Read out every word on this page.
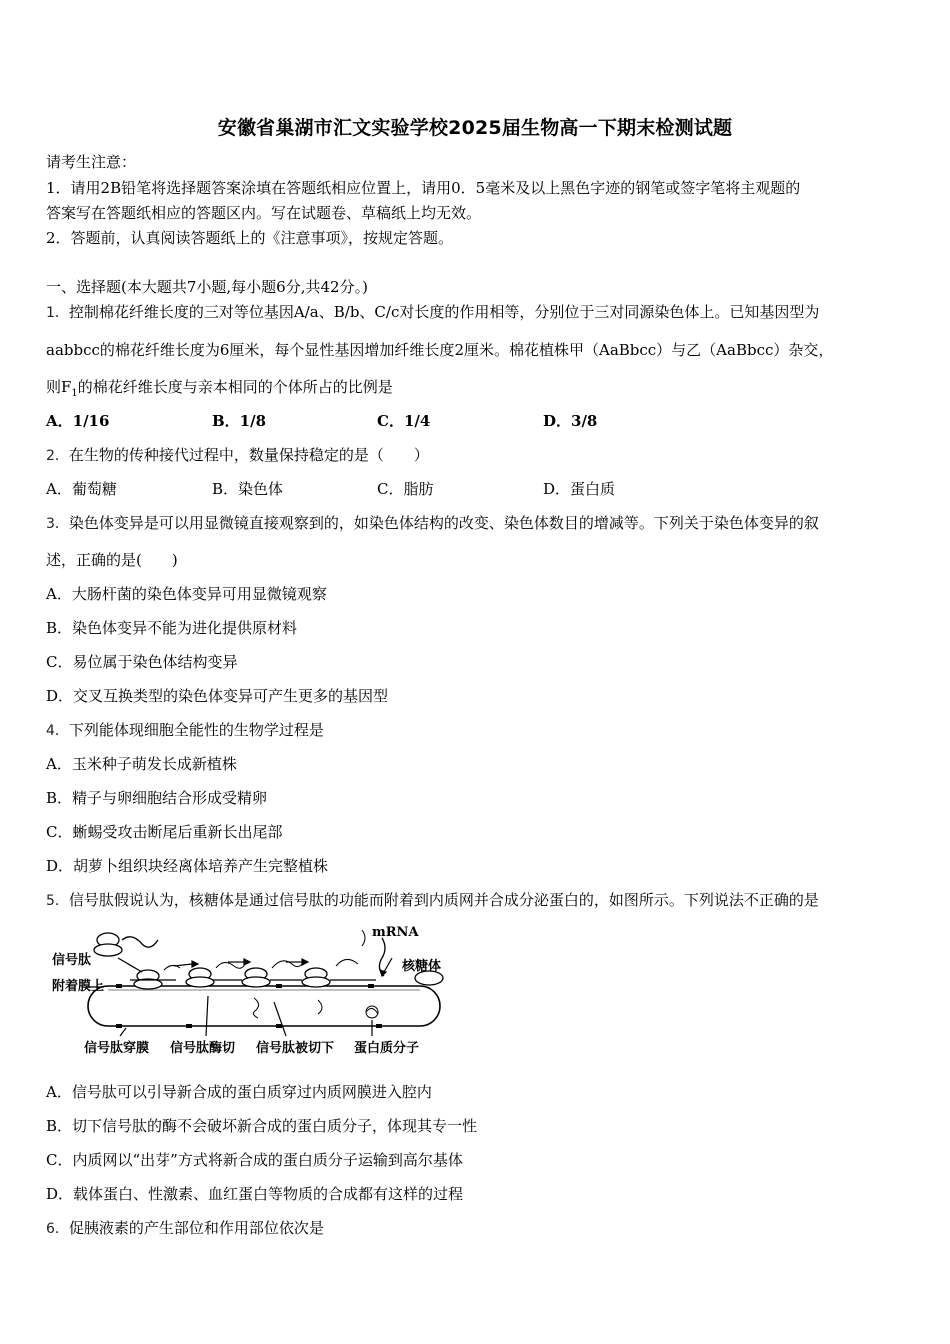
安徽省巢湖市汇文实验学校2025届生物高一下期末检测试题
请考生注意：
1．请用2B铅笔将选择题答案涂填在答题纸相应位置上，请用0．5毫米及以上黑色字迹的钢笔或签字笔将主观题的
答案写在答题纸相应的答题区内。写在试题卷、草稿纸上均无效。
2．答题前，认真阅读答题纸上的《注意事项》，按规定答题。
一、选择题(本大题共7小题,每小题6分,共42分。)
1．控制棉花纤维长度的三对等位基因A/a、B/b、C/c对长度的作用相等，分别位于三对同源染色体上。已知基因型为
aabbcc的棉花纤维长度为6厘米，每个显性基因增加纤维长度2厘米。棉花植株甲（AaBbcc）与乙（AaBbcc）杂交，
则$F_1$的棉花纤维长度与亲本相同的个体所占的比例是
A．1/16	B．1/8	C．1/4	D．3/8
2．在生物的传种接代过程中，数量保持稳定的是（　　）
A．葡萄糖	B．染色体	C．脂肪	D．蛋白质
3．染色体变异是可以用显微镜直接观察到的，如染色体结构的改变、染色体数目的增减等。下列关于染色体变异的叙
述，正确的是(　　)
A．大肠杆菌的染色体变异可用显微镜观察
B．染色体变异不能为进化提供原材料
C．易位属于染色体结构变异
D．交叉互换类型的染色体变异可产生更多的基因型
4．下列能体现细胞全能性的生物学过程是
A．玉米种子萌发长成新植株
B．精子与卵细胞结合形成受精卵
C．蜥蜴受攻击断尾后重新长出尾部
D．胡萝卜组织块经离体培养产生完整植株
5．信号肽假说认为，核糖体是通过信号肽的功能而附着到内质网并合成分泌蛋白的，如图所示。下列说法不正确的是
信号肽
附着膜上
mRNA
核糖体
信号肽穿膜 信号肽酶切 信号肽被切下 蛋白质分子
A．信号肽可以引导新合成的蛋白质穿过内质网膜进入腔内
B．切下信号肽的酶不会破坏新合成的蛋白质分子，体现其专一性
C．内质网以“出芽”方式将新合成的蛋白质分子运输到高尔基体
D．载体蛋白、性激素、血红蛋白等物质的合成都有这样的过程
6．促胰液素的产生部位和作用部位依次是
